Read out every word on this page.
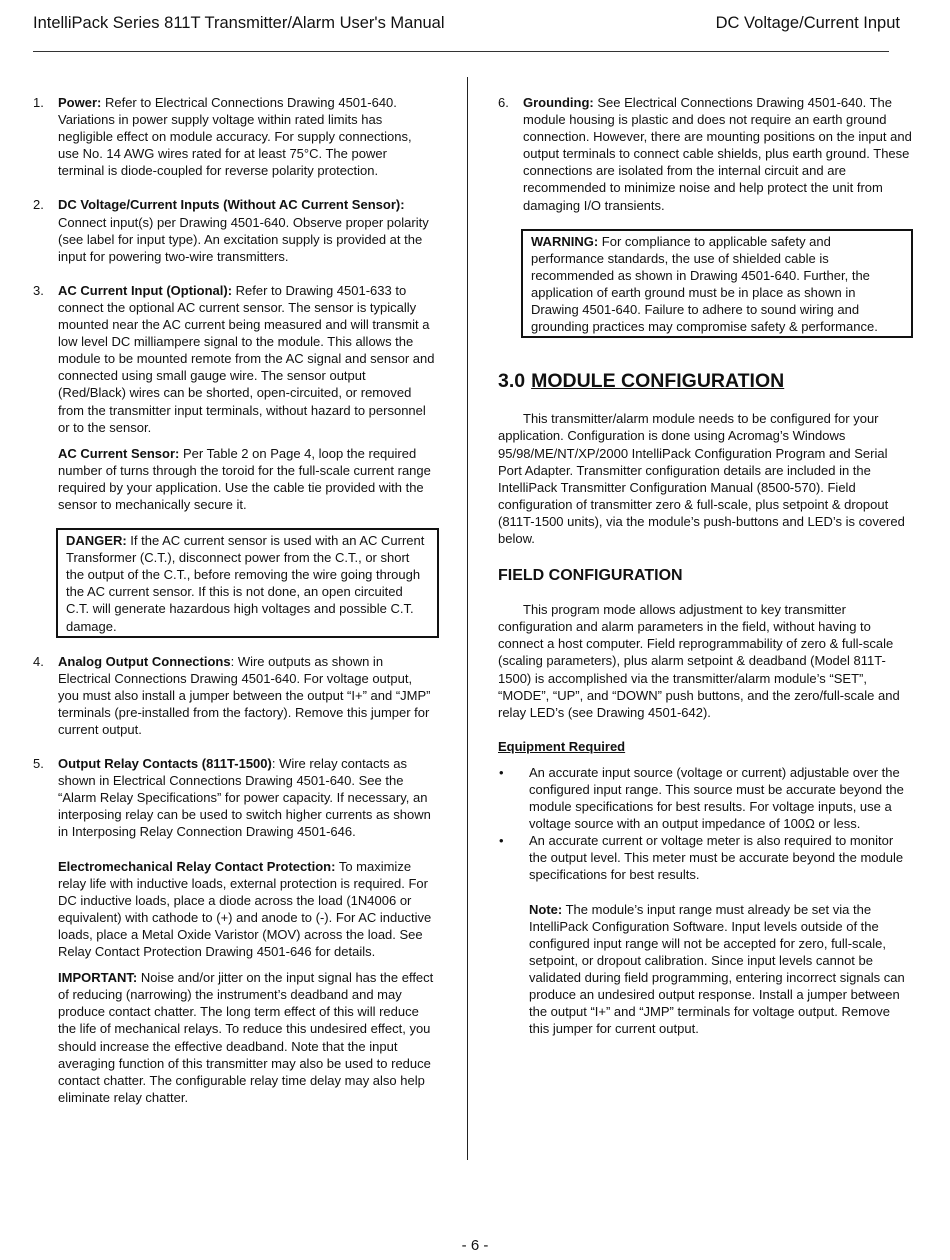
IntelliPack Series 811T Transmitter/Alarm User's Manual	DC Voltage/Current Input
1. Power: Refer to Electrical Connections Drawing 4501-640. Variations in power supply voltage within rated limits has negligible effect on module accuracy. For supply connections, use No. 14 AWG wires rated for at least 75°C. The power terminal is diode-coupled for reverse polarity protection.

2. DC Voltage/Current Inputs (Without AC Current Sensor): Connect input(s) per Drawing 4501-640. Observe proper polarity (see label for input type). An excitation supply is provided at the input for powering two-wire transmitters.

3. AC Current Input (Optional): Refer to Drawing 4501-633 to connect the optional AC current sensor. The sensor is typically mounted near the AC current being measured and will transmit a low level DC milliampere signal to the module. This allows the module to be mounted remote from the AC signal and sensor and connected using small gauge wire. The sensor output (Red/Black) wires can be shorted, open-circuited, or removed from the transmitter input terminals, without hazard to personnel or to the sensor.

AC Current Sensor: Per Table 2 on Page 4, loop the required number of turns through the toroid for the full-scale current range required by your application. Use the cable tie provided with the sensor to mechanically secure it.

DANGER: If the AC current sensor is used with an AC Current Transformer (C.T.), disconnect power from the C.T., or short the output of the C.T., before removing the wire going through the AC current sensor. If this is not done, an open circuited C.T. will generate hazardous high voltages and possible C.T. damage.

4. Analog Output Connections: Wire outputs as shown in Electrical Connections Drawing 4501-640. For voltage output, you must also install a jumper between the output “I+” and “JMP” terminals (pre-installed from the factory). Remove this jumper for current output.

5. Output Relay Contacts (811T-1500): Wire relay contacts as shown in Electrical Connections Drawing 4501-640. See the “Alarm Relay Specifications” for power capacity. If necessary, an interposing relay can be used to switch higher currents as shown in Interposing Relay Connection Drawing 4501-646.

Electromechanical Relay Contact Protection: To maximize relay life with inductive loads, external protection is required. For DC inductive loads, place a diode across the load (1N4006 or equivalent) with cathode to (+) and anode to (-). For AC inductive loads, place a Metal Oxide Varistor (MOV) across the load. See Relay Contact Protection Drawing 4501-646 for details.

IMPORTANT: Noise and/or jitter on the input signal has the effect of reducing (narrowing) the instrument’s deadband and may produce contact chatter. The long term effect of this will reduce the life of mechanical relays. To reduce this undesired effect, you should increase the effective deadband. Note that the input averaging function of this transmitter may also be used to reduce contact chatter. The configurable relay time delay may also help eliminate relay chatter.

6. Grounding: See Electrical Connections Drawing 4501-640. The module housing is plastic and does not require an earth ground connection. However, there are mounting positions on the input and output terminals to connect cable shields, plus earth ground. These connections are isolated from the internal circuit and are recommended to minimize noise and help protect the unit from damaging I/O transients.

WARNING: For compliance to applicable safety and performance standards, the use of shielded cable is recommended as shown in Drawing 4501-640. Further, the application of earth ground must be in place as shown in Drawing 4501-640. Failure to adhere to sound wiring and grounding practices may compromise safety & performance.

3.0 MODULE CONFIGURATION

This transmitter/alarm module needs to be configured for your application. Configuration is done using Acromag’s Windows 95/98/ME/NT/XP/2000 IntelliPack Configuration Program and Serial Port Adapter. Transmitter configuration details are included in the IntelliPack Transmitter Configuration Manual (8500-570). Field configuration of transmitter zero & full-scale, plus setpoint & dropout (811T-1500 units), via the module’s push-buttons and LED’s is covered below.

FIELD CONFIGURATION

This program mode allows adjustment to key transmitter configuration and alarm parameters in the field, without having to connect a host computer. Field reprogrammability of zero & full-scale (scaling parameters), plus alarm setpoint & deadband (Model 811T-1500) is accomplished via the transmitter/alarm module’s “SET”, “MODE”, “UP”, and “DOWN” push buttons, and the zero/full-scale and relay LED’s (see Drawing 4501-642).

Equipment Required
• An accurate input source (voltage or current) adjustable over the configured input range. This source must be accurate beyond the module specifications for best results. For voltage inputs, use a voltage source with an output impedance of 100Ω or less.

• An accurate current or voltage meter is also required to monitor the output level. This meter must be accurate beyond the module specifications for best results.

Note: The module’s input range must already be set via the IntelliPack Configuration Software. Input levels outside of the configured input range will not be accepted for zero, full-scale, setpoint, or dropout calibration. Since input levels cannot be validated during field programming, entering incorrect signals can produce an undesired output response. Install a jumper between the output “I+” and “JMP” terminals for voltage output. Remove this jumper for current output.

- 6 -
